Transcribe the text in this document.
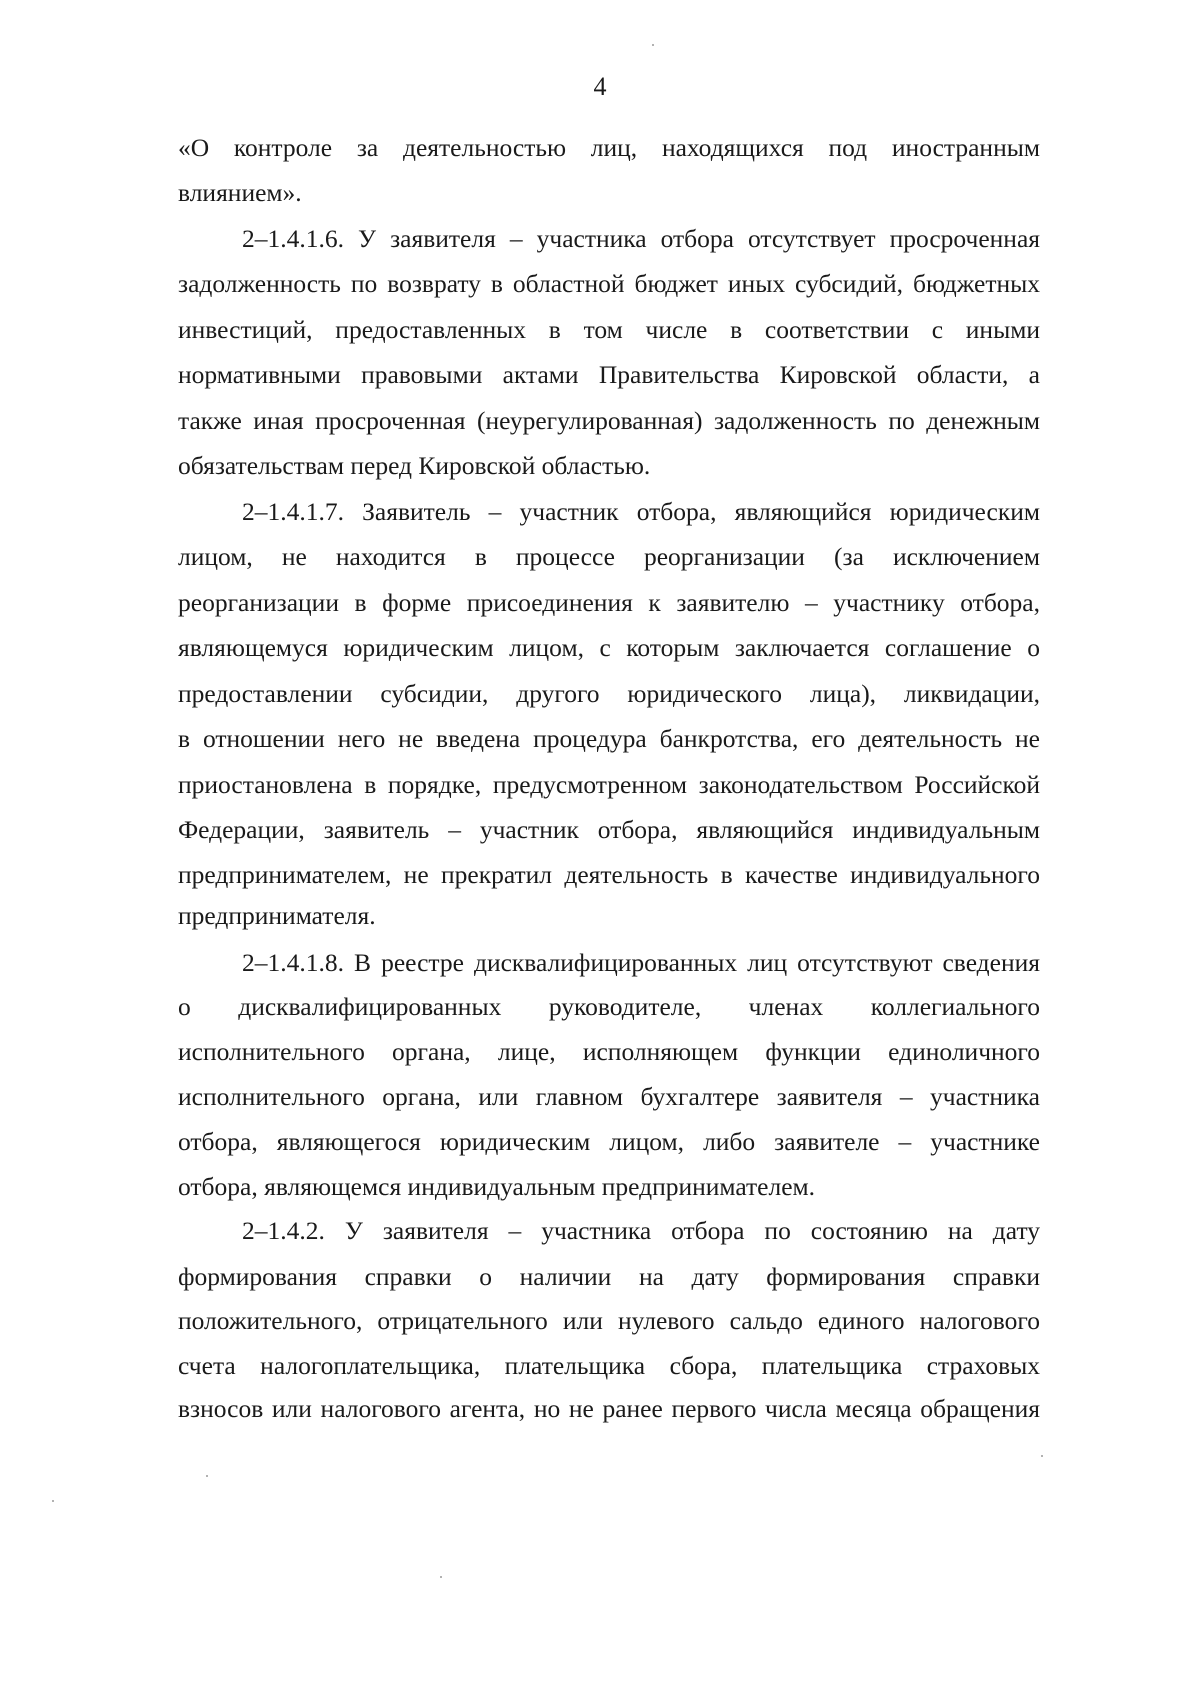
4
«О контроле за деятельностью лиц, находящихся под иностранным
влиянием».
2–1.4.1.6. У заявителя – участника отбора отсутствует просроченная
задолженность по возврату в областной бюджет иных субсидий, бюджетных
инвестиций, предоставленных в том числе в соответствии с иными
нормативными правовыми актами Правительства Кировской области, а
также иная просроченная (неурегулированная) задолженность по денежным
обязательствам перед Кировской областью.
2–1.4.1.7. Заявитель – участник отбора, являющийся юридическим
лицом, не находится в процессе реорганизации (за исключением
реорганизации в форме присоединения к заявителю – участнику отбора,
являющемуся юридическим лицом, с которым заключается соглашение о
предоставлении субсидии, другого юридического лица), ликвидации,
в отношении него не введена процедура банкротства, его деятельность не
приостановлена в порядке, предусмотренном законодательством Российской
Федерации, заявитель – участник отбора, являющийся индивидуальным
предпринимателем, не прекратил деятельность в качестве индивидуального
предпринимателя.
2–1.4.1.8. В реестре дисквалифицированных лиц отсутствуют сведения
о дисквалифицированных руководителе, членах коллегиального
исполнительного органа, лице, исполняющем функции единоличного
исполнительного органа, или главном бухгалтере заявителя – участника
отбора, являющегося юридическим лицом, либо заявителе – участнике
отбора, являющемся индивидуальным предпринимателем.
2–1.4.2. У заявителя – участника отбора по состоянию на дату
формирования справки о наличии на дату формирования справки
положительного, отрицательного или нулевого сальдо единого налогового
счета налогоплательщика, плательщика сбора, плательщика страховых
взносов или налогового агента, но не ранее первого числа месяца обращения
